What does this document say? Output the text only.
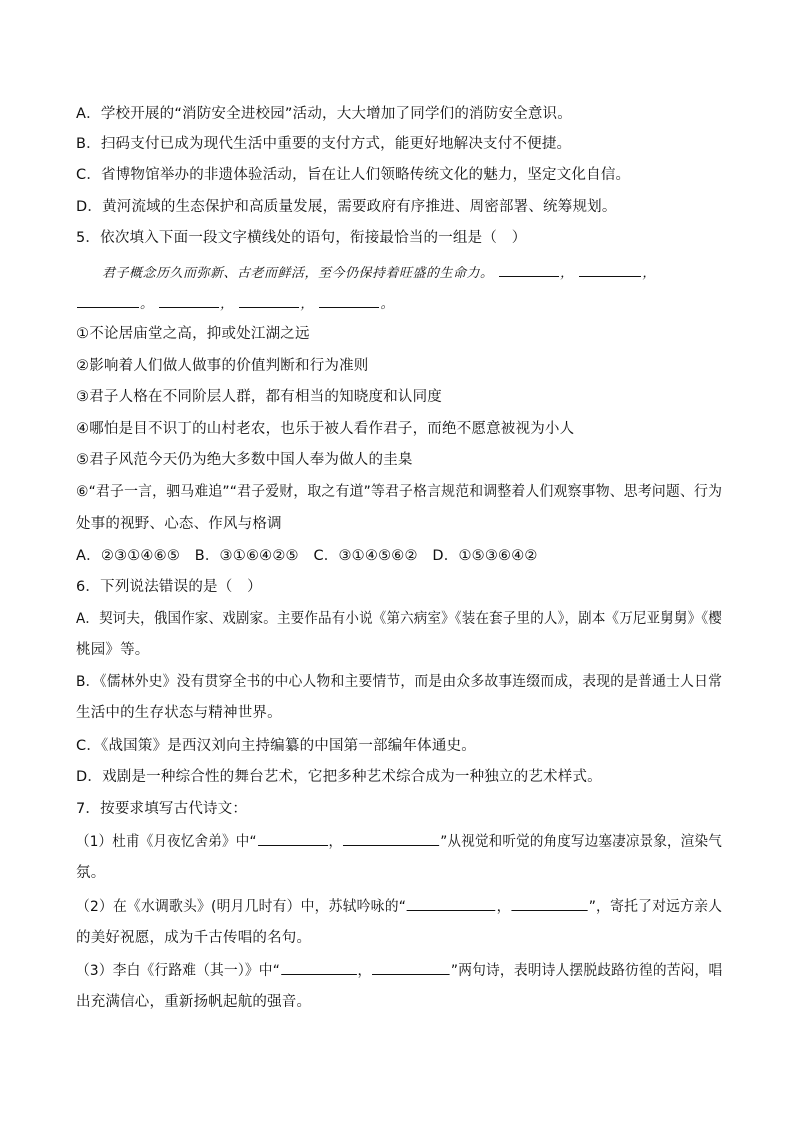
A．学校开展的“消防安全进校园”活动，大大增加了同学们的消防安全意识。
B．扫码支付已成为现代生活中重要的支付方式，能更好地解决支付不便捷。
C．省博物馆举办的非遗体验活动，旨在让人们领略传统文化的魅力，坚定文化自信。
D．黄河流域的生态保护和高质量发展，需要政府有序推进、周密部署、统筹规划。
5．依次填入下面一段文字横线处的语句，衔接最恰当的一组是（　）
君子概念历久而弥新、古老而鲜活，至今仍保持着旺盛的生命力。	，	，
。	，	，	。
①不论居庙堂之高，抑或处江湖之远
②影响着人们做人做事的价值判断和行为准则
③君子人格在不同阶层人群，都有相当的知晓度和认同度
④哪怕是目不识丁的山村老农，也乐于被人看作君子，而绝不愿意被视为小人
⑤君子风范今天仍为绝大多数中国人奉为做人的圭臬
⑥“君子一言，驷马难追”“君子爱财，取之有道”等君子格言规范和调整着人们观察事物、思考问题、行为
处事的视野、心态、作风与格调
A．②③①④⑥⑤　B．③①⑥④②⑤　C．③①④⑤⑥②　D．①⑤③⑥④②
6．下列说法错误的是（　）
A．契诃夫，俄国作家、戏剧家。主要作品有小说《第六病室》《装在套子里的人》，剧本《万尼亚舅舅》《樱
桃园》等。
B．《儒林外史》没有贯穿全书的中心人物和主要情节，而是由众多故事连缀而成，表现的是普通士人日常
生活中的生存状态与精神世界。
C．《战国策》是西汉刘向主持编纂的中国第一部编年体通史。
D．戏剧是一种综合性的舞台艺术，它把多种艺术综合成为一种独立的艺术样式。
7．按要求填写古代诗文：
（1）杜甫《月夜忆舍弟》中“	，	”从视觉和听觉的角度写边塞凄凉景象，渲染气
氛。
（2）在《水调歌头》(明月几时有）中，苏轼吟咏的“	，	”，寄托了对远方亲人
的美好祝愿，成为千古传唱的名句。
（3）李白《行路难（其一）》中“	，	”两句诗，表明诗人摆脱歧路彷徨的苦闷，唱
出充满信心，重新扬帆起航的强音。
